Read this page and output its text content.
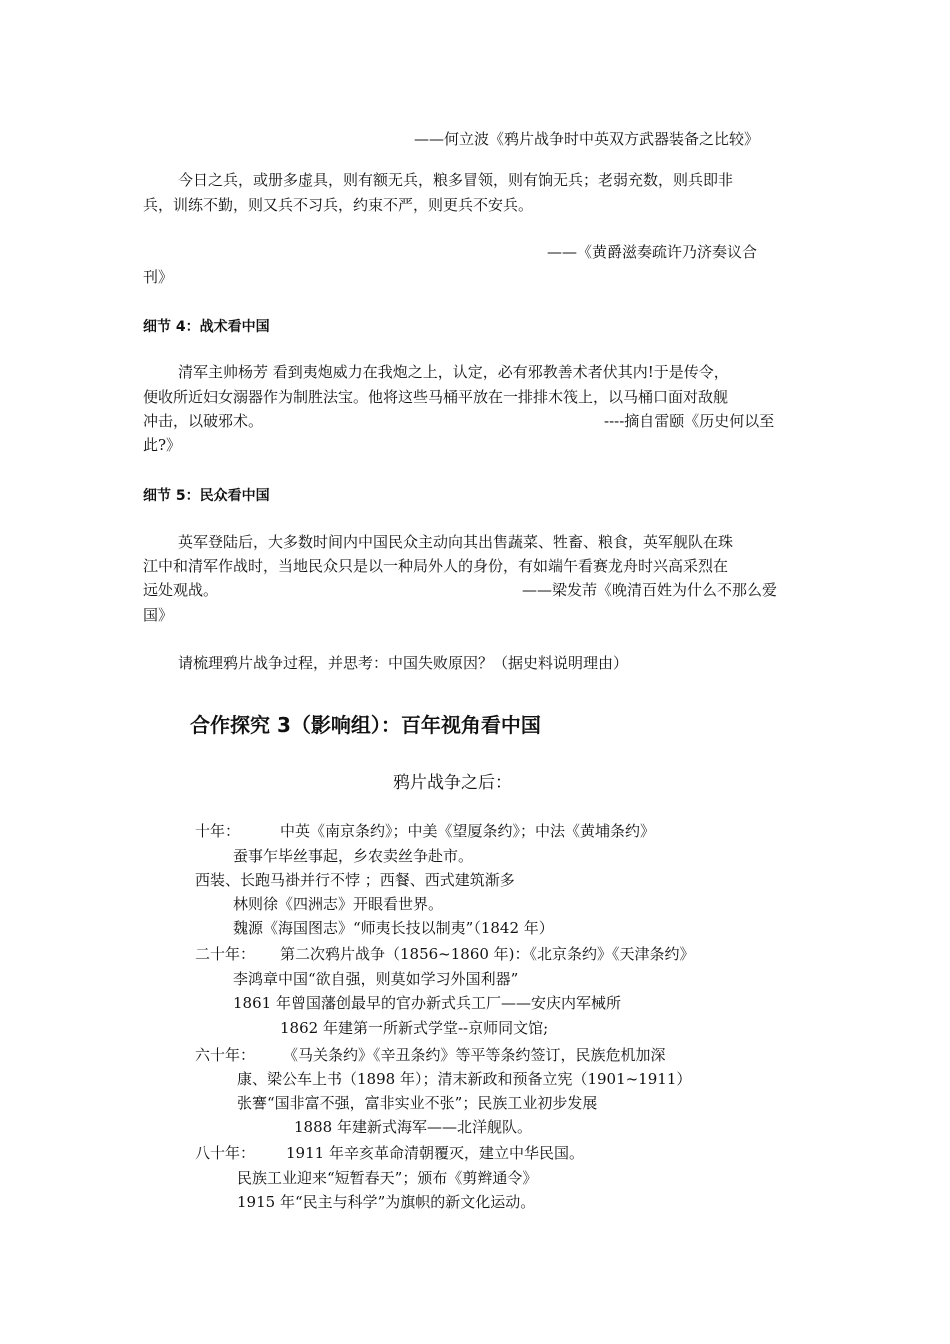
——何立波《鸦片战争时中英双方武器装备之比较》
今日之兵，或册多虚具，则有额无兵，粮多冒领，则有饷无兵；老弱充数，则兵即非
兵，训练不勤，则又兵不习兵，约束不严，则更兵不安兵。
——《黄爵滋奏疏许乃济奏议合
刊》
细节 4：战术看中国
清军主帅杨芳 看到夷炮威力在我炮之上，认定，必有邪教善术者伏其内!于是传令，
便收所近妇女溺器作为制胜法宝。他将这些马桶平放在一排排木筏上，以马桶口面对敌舰
冲击，以破邪术。	----摘自雷颐《历史何以至
此?》
细节 5：民众看中国
英军登陆后，大多数时间内中国民众主动向其出售蔬菜、牲畜、粮食，英军舰队在珠
江中和清军作战时，当地民众只是以一种局外人的身份，有如端午看赛龙舟时兴高采烈在
远处观战。	——梁发芾《晚清百姓为什么不那么爱
国》
请梳理鸦片战争过程，并思考：中国失败原因？（据史料说明理由）
合作探究 3（影响组）：百年视角看中国
鸦片战争之后：
十年：	中英《南京条约》；中美《望厦条约》；中法《黄埔条约》
蚕事乍毕丝事起，乡农卖丝争赴市。
西装、长跑马褂并行不悖 ；西餐、西式建筑渐多
林则徐《四洲志》开眼看世界。
魏源《海国图志》“师夷长技以制夷”（1842 年）
二十年： 第二次鸦片战争（1856~1860 年)：《北京条约》《天津条约》
李鸿章中国“欲自强，则莫如学习外国利器”
1861 年曾国藩创最早的官办新式兵工厂——安庆内军械所
1862 年建第一所新式学堂--京师同文馆;
六十年： 《马关条约》《辛丑条约》等平等条约签订，民族危机加深
康、梁公车上书（1898 年）；清末新政和预备立宪（1901~1911）
张謇“国非富不强，富非实业不张”；民族工业初步发展
1888 年建新式海军——北洋舰队。
八十年： 1911 年辛亥革命清朝覆灭，建立中华民国。
民族工业迎来“短暂春天”；颁布《剪辫通令》
1915 年“民主与科学”为旗帜的新文化运动。
